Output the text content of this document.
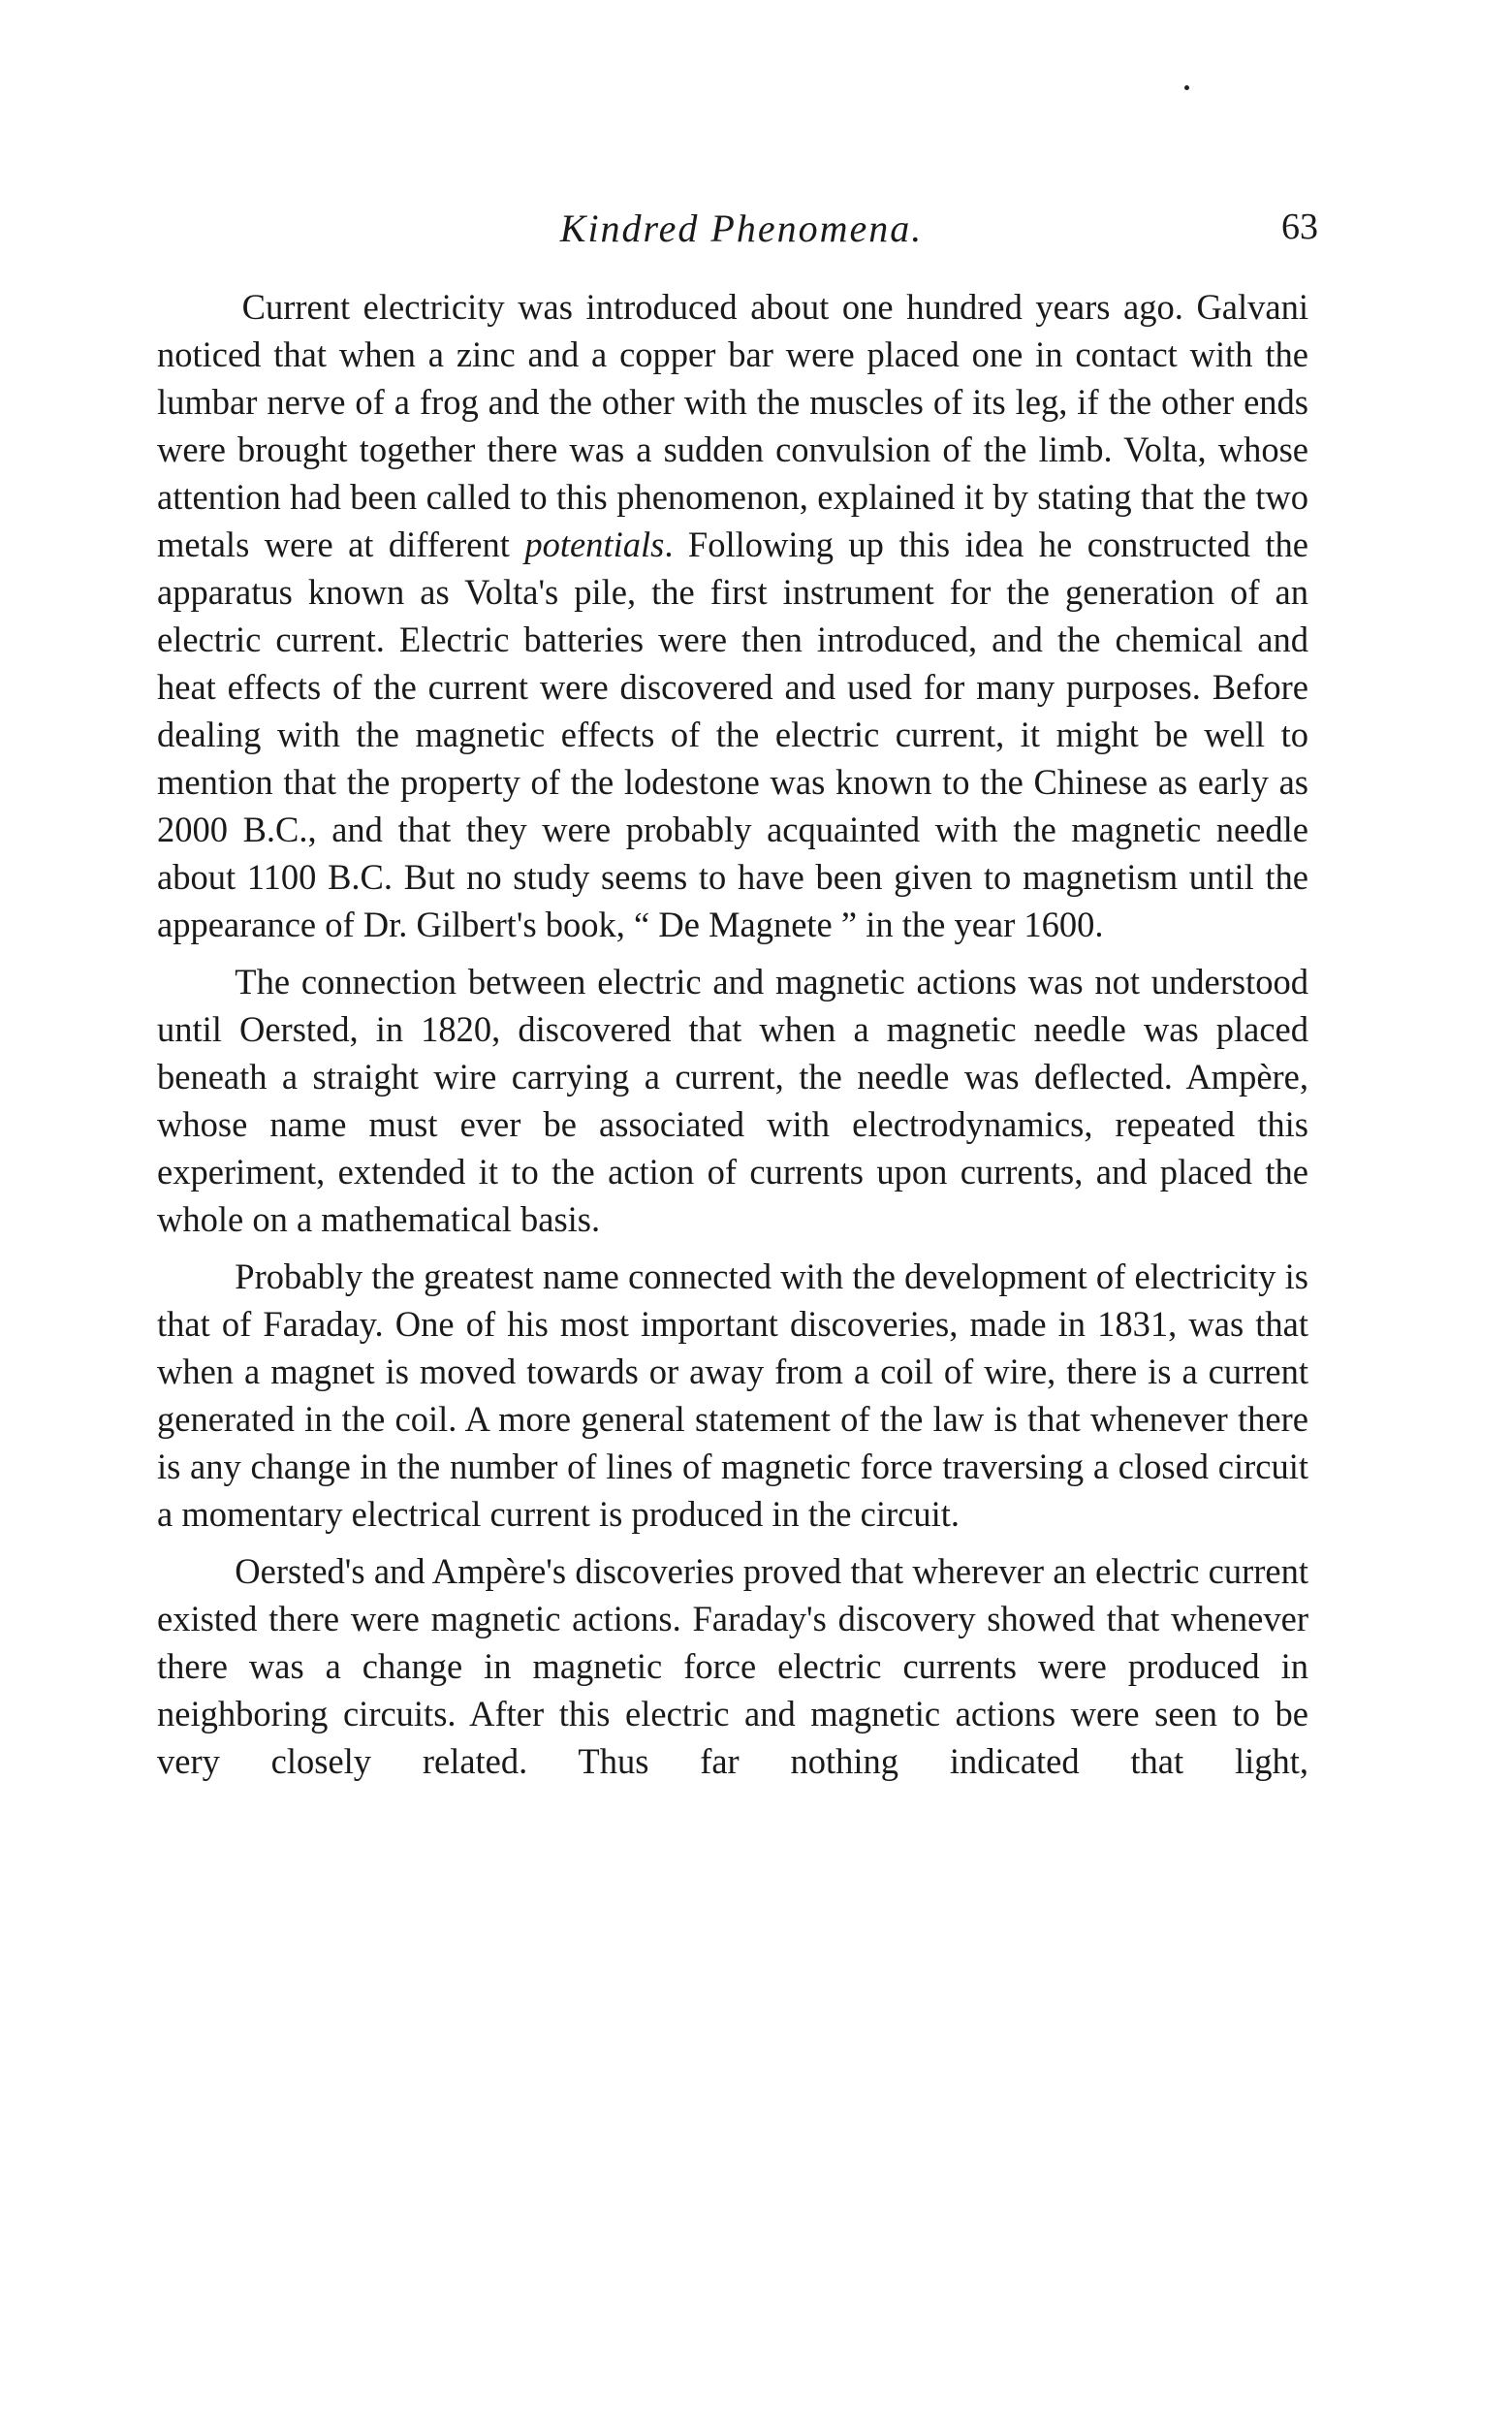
Kindred Phenomena.	63

Current electricity was introduced about one hundred years ago. Galvani noticed that when a zinc and a copper bar were placed one in contact with the lumbar nerve of a frog and the other with the muscles of its leg, if the other ends were brought together there was a sudden convulsion of the limb. Volta, whose attention had been called to this phenomenon, explained it by stating that the two metals were at different potentials. Following up this idea he constructed the apparatus known as Volta's pile, the first instrument for the generation of an electric current. Electric batteries were then introduced, and the chemical and heat effects of the current were discovered and used for many purposes. Before dealing with the magnetic effects of the electric current, it might be well to mention that the property of the lodestone was known to the Chinese as early as 2000 B.C., and that they were probably acquainted with the magnetic needle about 1100 B.C. But no study seems to have been given to magnetism until the appearance of Dr. Gilbert's book, “ De Magnete ” in the year 1600.

The connection between electric and magnetic actions was not understood until Oersted, in 1820, discovered that when a magnetic needle was placed beneath a straight wire carrying a current, the needle was deflected. Ampère, whose name must ever be associated with electrodynamics, repeated this experiment, extended it to the action of currents upon currents, and placed the whole on a mathematical basis.

Probably the greatest name connected with the development of electricity is that of Faraday. One of his most important discoveries, made in 1831, was that when a magnet is moved towards or away from a coil of wire, there is a current generated in the coil. A more general statement of the law is that whenever there is any change in the number of lines of magnetic force traversing a closed circuit a momentary electrical current is produced in the circuit.

Oersted's and Ampère's discoveries proved that wherever an electric current existed there were magnetic actions. Faraday's discovery showed that whenever there was a change in magnetic force electric currents were produced in neighboring circuits. After this electric and magnetic actions were seen to be very closely related. Thus far nothing indicated that light,
